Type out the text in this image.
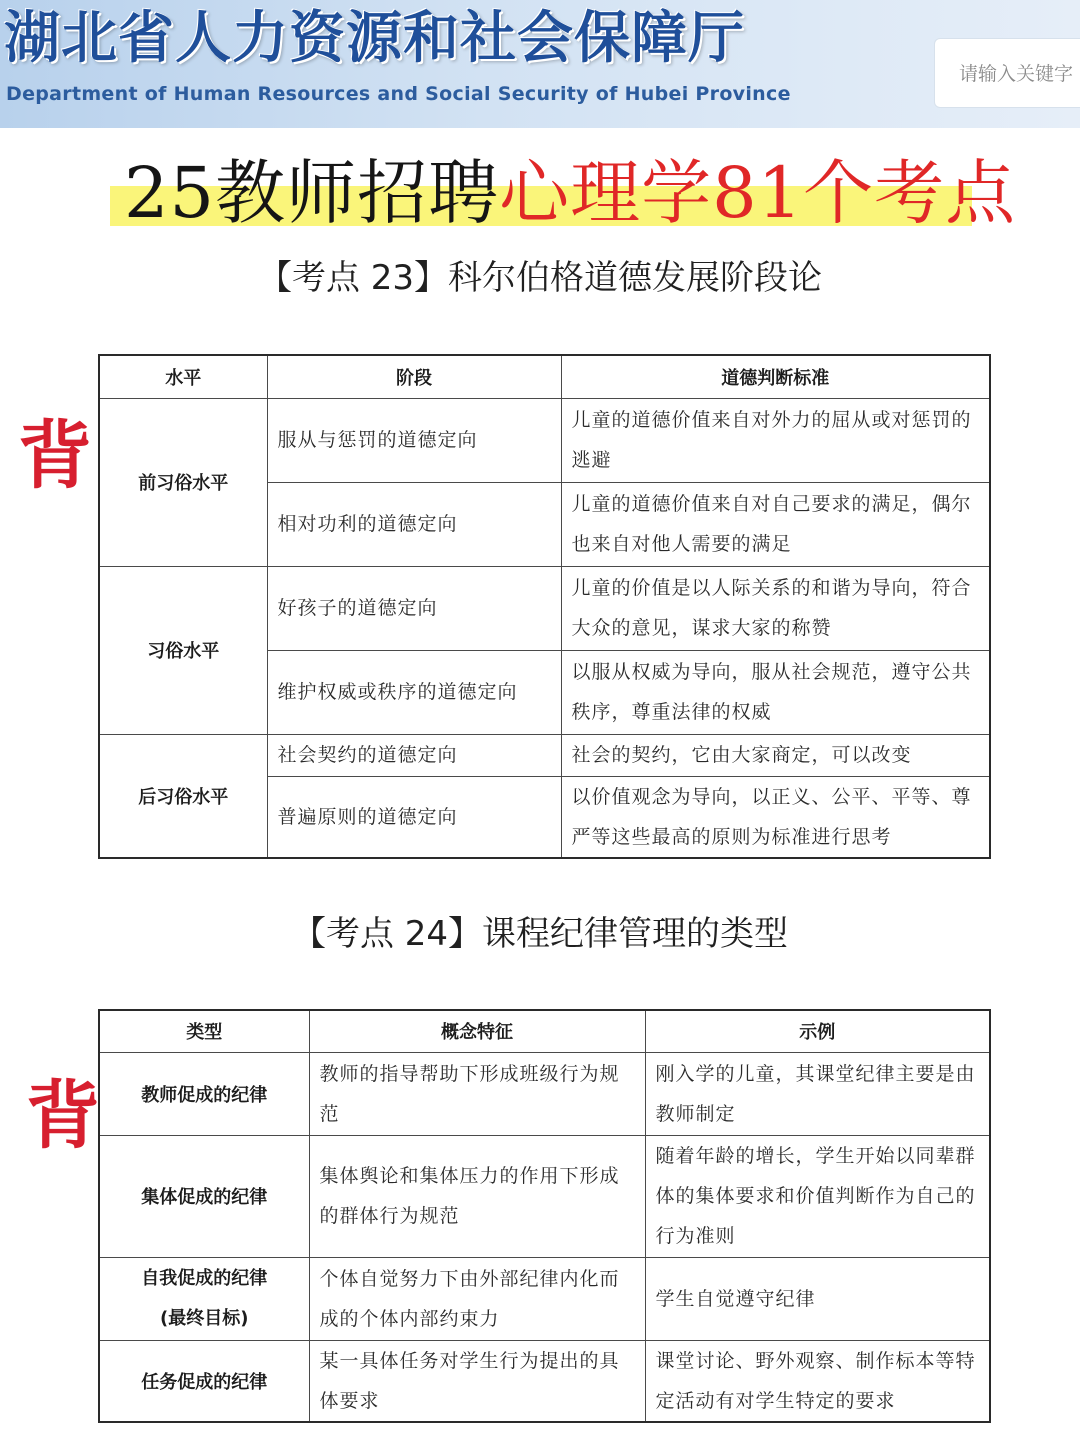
湖北省人力资源和社会保障厅
Department of Human Resources and Social Security of Hubei Province
请输入关键字
25教师招聘心理学81个考点
【考点 23】科尔伯格道德发展阶段论
背
水平	阶段	道德判断标准
前习俗水平	服从与惩罚的道德定向	儿童的道德价值来自对外力的屈从或对惩罚的逃避
	相对功利的道德定向	儿童的道德价值来自对自己要求的满足，偶尔也来自对他人需要的满足
习俗水平	好孩子的道德定向	儿童的价值是以人际关系的和谐为导向，符合大众的意见，谋求大家的称赞
	维护权威或秩序的道德定向	以服从权威为导向，服从社会规范，遵守公共秩序，尊重法律的权威
后习俗水平	社会契约的道德定向	社会的契约，它由大家商定，可以改变
	普遍原则的道德定向	以价值观念为导向，以正义、公平、平等、尊严等这些最高的原则为标准进行思考
【考点 24】课程纪律管理的类型
背
类型	概念特征	示例
教师促成的纪律	教师的指导帮助下形成班级行为规范	刚入学的儿童，其课堂纪律主要是由教师制定
集体促成的纪律	集体舆论和集体压力的作用下形成的群体行为规范	随着年龄的增长，学生开始以同辈群体的集体要求和价值判断作为自己的行为准则

自我促成的纪律
(最终目标)	个体自觉努力下由外部纪律内化而成的个体内部约束力	学生自觉遵守纪律
任务促成的纪律	某一具体任务对学生行为提出的具体要求	课堂讨论、野外观察、制作标本等特定活动有对学生特定的要求
